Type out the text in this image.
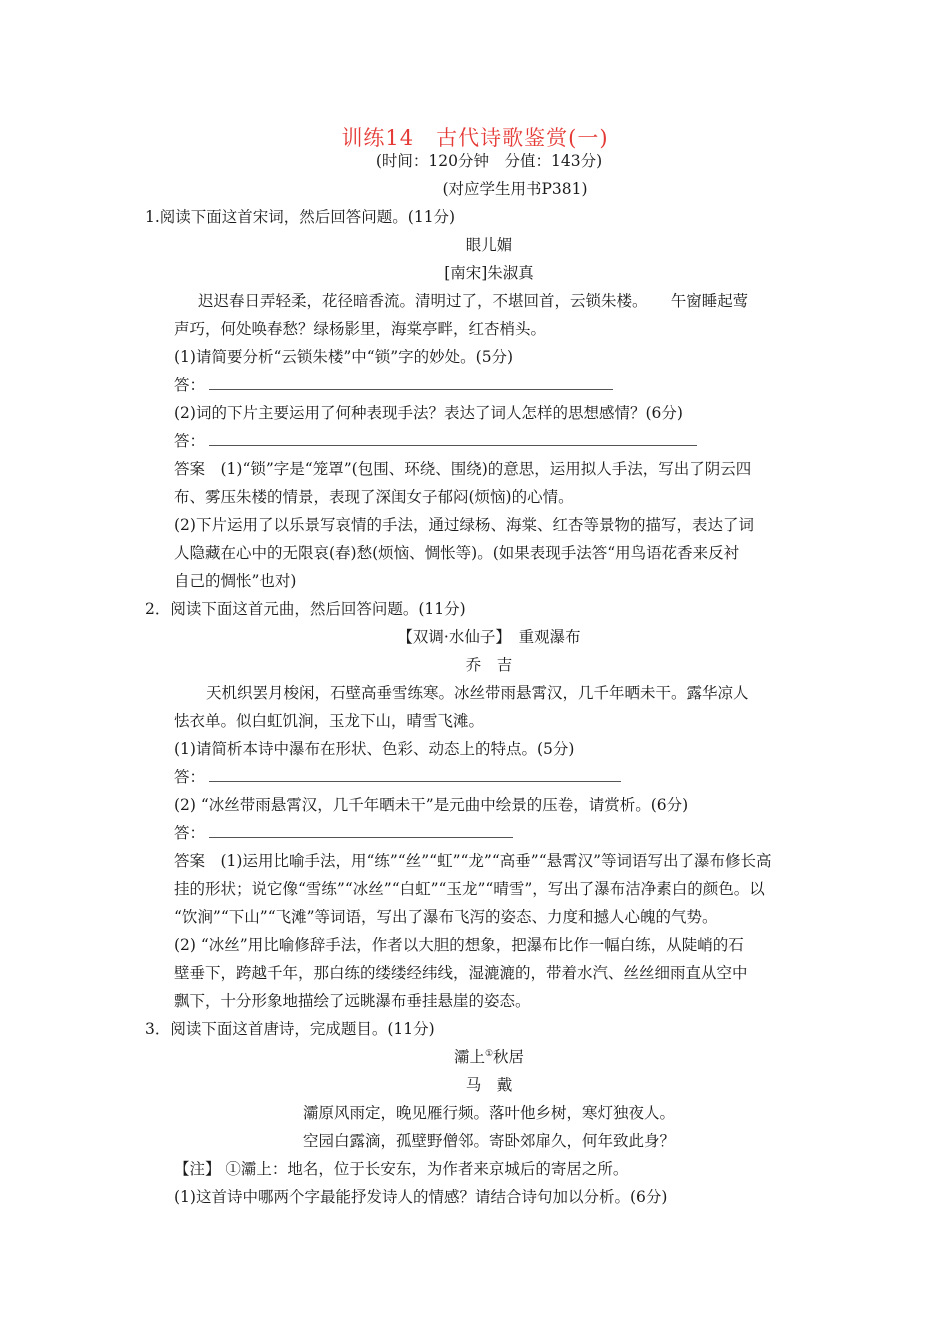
训练14　古代诗歌鉴赏(一)
(时间：120分钟　分值：143分)
(对应学生用书P381)
1.阅读下面这首宋词，然后回答问题。(11分)
眼儿媚
[南宋]朱淑真
迟迟春日弄轻柔，花径暗香流。清明过了，不堪回首，云锁朱楼。　　午窗睡起莺
声巧，何处唤春愁？绿杨影里，海棠亭畔，红杏梢头。
(1)请简要分析“云锁朱楼”中“锁”字的妙处。(5分)
答：
(2)词的下片主要运用了何种表现手法？表达了词人怎样的思想感情？(6分)
答：
答案　(1)“锁”字是“笼罩”(包围、环绕、围绕)的意思，运用拟人手法，写出了阴云四
布、雾压朱楼的情景，表现了深闺女子郁闷(烦恼)的心情。
(2)下片运用了以乐景写哀情的手法，通过绿杨、海棠、红杏等景物的描写，表达了词
人隐藏在心中的无限哀(春)愁(烦恼、惆怅等)。(如果表现手法答“用鸟语花香来反衬
自己的惆怅”也对)
2．阅读下面这首元曲，然后回答问题。(11分)
【双调·水仙子】　重观瀑布
乔　吉
天机织罢月梭闲，石壁高垂雪练寒。冰丝带雨悬霄汉，几千年晒未干。露华凉人
怯衣单。似白虹饥涧，玉龙下山，晴雪飞滩。
(1)请简析本诗中瀑布在形状、色彩、动态上的特点。(5分)
答：
(2) “冰丝带雨悬霄汉，几千年晒未干”是元曲中绘景的压卷，请赏析。(6分)
答：
答案　(1)运用比喻手法，用“练”“丝”“虹”“龙”“高垂”“悬霄汉”等词语写出了瀑布修长高
挂的形状；说它像“雪练”“冰丝”“白虹”“玉龙”“晴雪”，写出了瀑布洁净素白的颜色。以
“饮涧”“下山”“飞滩”等词语，写出了瀑布飞泻的姿态、力度和撼人心魄的气势。
(2) “冰丝”用比喻修辞手法，作者以大胆的想象，把瀑布比作一幅白练，从陡峭的石
壁垂下，跨越千年，那白练的缕缕经纬线，湿漉漉的，带着水汽、丝丝细雨直从空中
飘下，十分形象地描绘了远眺瀑布垂挂悬崖的姿态。
3．阅读下面这首唐诗，完成题目。(11分)
灞上①秋居
马　戴
灞原风雨定，晚见雁行频。落叶他乡树，寒灯独夜人。
空园白露滴，孤壁野僧邻。寄卧郊扉久，何年致此身？
【注】 ①灞上：地名，位于长安东，为作者来京城后的寄居之所。
(1)这首诗中哪两个字最能抒发诗人的情感？请结合诗句加以分析。(6分)
